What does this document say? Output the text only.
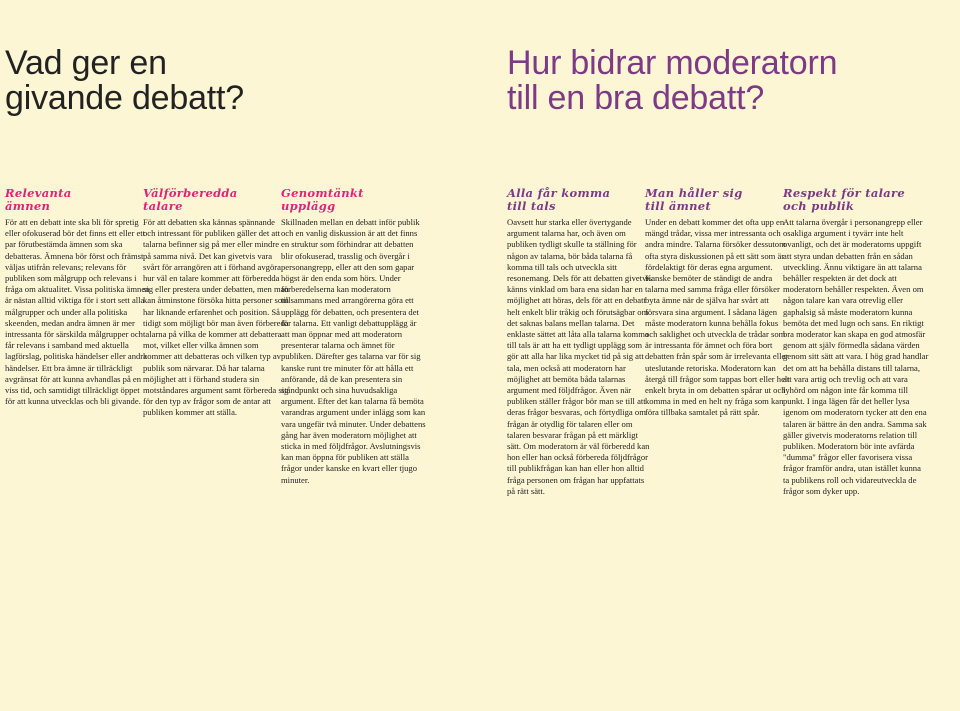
Vad ger en
givande debatt?
Hur bidrar moderatorn
till en bra debatt?
Relevanta
ämnen

För att en debatt inte ska bli för spretig eller ofokuserad bör det finns ett eller ett par förutbestämda ämnen som ska debatteras. Ämnena bör först och främst väljas utifrån relevans; relevans för publiken som målgrupp och relevans i fråga om aktualitet. Vissa politiska ämnen är nästan alltid viktiga för i stort sett alla målgrupper och under alla politiska skeenden, medan andra ämnen är mer intressanta för särskilda målgrupper och får relevans i samband med aktuella lagförslag, politiska händelser eller andra händelser. Ett bra ämne är tillräckligt avgränsat för att kunna avhandlas på en viss tid, och samtidigt tillräckligt öppet för att kunna utvecklas och bli givande.

Välförberedda
talare

För att debatten ska kännas spännande och intressant för publiken gäller det att talarna befinner sig på mer eller mindre på samma nivå. Det kan givetvis vara svårt för arrangören att i förhand avgöra hur väl en talare kommer att förberedda sig eller prestera under debatten, men man kan åtminstone försöka hitta personer som har liknande erfarenhet och position. Så tidigt som möjligt bör man även förbereda talarna på vilka de kommer att debattera mot, vilket eller vilka ämnen som kommer att debatteras och vilken typ av publik som närvarar. Då har talarna möjlighet att i förhand studera sin motståndares argument samt förbereda sig för den typ av frågor som de antar att publiken kommer att ställa.

Genomtänkt
upplägg

Skillnaden mellan en debatt inför publik och en vanlig diskussion är att det finns en struktur som förhindrar att debatten blir ofokuserad, trasslig och övergår i personangrepp, eller att den som gapar högst är den enda som hörs. Under förberedelserna kan moderatorn tillsammans med arrangörerna göra ett upplägg för debatten, och presentera det för talarna. Ett vanligt debattupplägg är att man öppnar med att moderatorn presenterar talarna och ämnet för publiken. Därefter ges talarna var för sig kanske runt tre minuter för att hålla ett anförande, då de kan presentera sin ståndpunkt och sina huvudsakliga argument. Efter det kan talarna få bemöta varandras argument under inlägg som kan vara ungefär två minuter. Under debattens gång har även moderatorn möjlighet att sticka in med följdfrågor. Avslutningsvis kan man öppna för publiken att ställa frågor under kanske en kvart eller tjugo minuter.

Alla får komma
till tals

Oavsett hur starka eller övertygande argument talarna har, och även om publiken tydligt skulle ta ställning för någon av talarna, bör båda talarna få komma till tals och utveckla sitt resonemang. Dels för att debatten givetvis känns vinklad om bara ena sidan har en möjlighet att höras, dels för att en debatt helt enkelt blir tråkig och förutsägbar om det saknas balans mellan talarna. Det enklaste sättet att låta alla talarna komma till tals är att ha ett tydligt upplägg som gör att alla har lika mycket tid på sig att tala, men också att moderatorn har möjlighet att bemöta båda talarnas argument med följdfrågor. Även när publiken ställer frågor bör man se till att deras frågor besvaras, och förtydliga om frågan är otydlig för talaren eller om talaren besvarar frågan på ett märkligt sätt. Om moderatorn är väl förberedd kan hon eller han också förbereda följdfrågor till publikfrågan kan han eller hon alltid fråga personen om frågan har uppfattats på rätt sätt.

Man håller sig
till ämnet

Under en debatt kommer det ofta upp en mängd trådar, vissa mer intressanta och andra mindre. Talarna försöker dessutom ofta styra diskussionen på ett sätt som är fördelaktigt för deras egna argument. Kanske bemöter de ständigt de andra talarna med samma fråga eller försöker byta ämne när de själva har svårt att försvara sina argument. I sådana lägen måste moderatorn kunna behålla fokus och saklighet och utveckla de trådar som är intressanta för ämnet och föra bort debatten från spår som är irrelevanta eller uteslutande retoriska. Moderatorn kan återgå till frågor som tappas bort eller helt enkelt bryta in om debatten spårar ut och komma in med en helt ny fråga som kan föra tillbaka samtalet på rätt spår.

Respekt för talare
och publik

Att talarna övergår i personangrepp eller osakliga argument i tyvärr inte helt ovanligt, och det är moderatorns uppgift att styra undan debatten från en sådan utveckling. Ännu viktigare än att talarna behåller respekten är det dock att moderatorn behåller respekten. Även om någon talare kan vara otrevlig eller gaphalsig så måste moderatorn kunna bemöta det med lugn och sans. En riktigt bra moderator kan skapa en god atmosfär genom att själv förmedla sådana värden genom sitt sätt att vara. I hög grad handlar det om att ha behålla distans till talarna, att vara artig och trevlig och att vara lyhörd om någon inte får komma till punkt. I inga lägen får det heller lysa igenom om moderatorn tycker att den ena talaren är bättre än den andra. Samma sak gäller givetvis moderatorns relation till publiken. Moderatorn bör inte avfärda "dumma" frågor eller favorisera vissa frågor framför andra, utan istället kunna ta publikens roll och vidareutveckla de frågor som dyker upp.
